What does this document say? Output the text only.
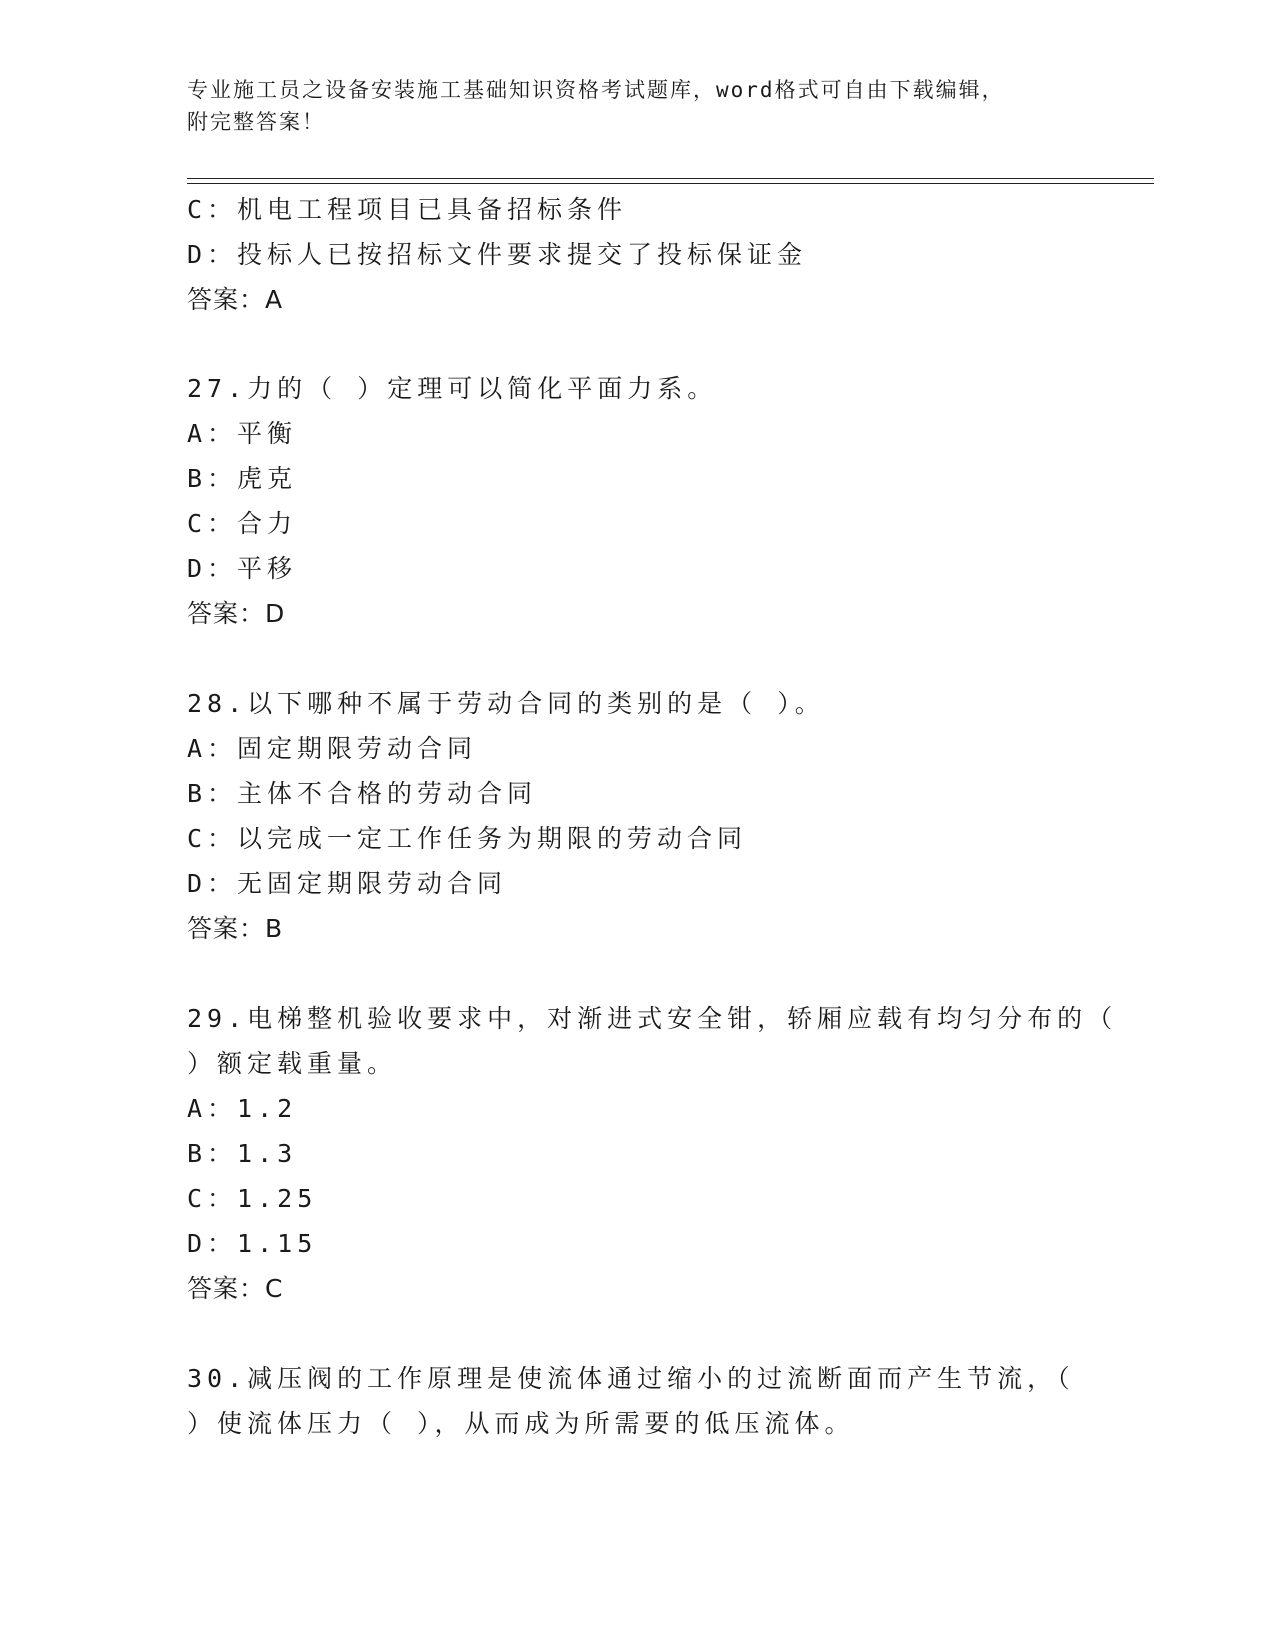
专业施工员之设备安装施工基础知识资格考试题库，word格式可自由下载编辑，
附完整答案！
C：机电工程项目已具备招标条件
D：投标人已按招标文件要求提交了投标保证金
答案：A
27.力的（ ）定理可以简化平面力系。
A：平衡
B：虎克
C：合力
D：平移
答案：D
28.以下哪种不属于劳动合同的类别的是（ ）。
A：固定期限劳动合同
B：主体不合格的劳动合同
C：以完成一定工作任务为期限的劳动合同
D：无固定期限劳动合同
答案：B
29.电梯整机验收要求中，对渐进式安全钳，轿厢应载有均匀分布的（
）额定载重量。
A：1.2
B：1.3
C：1.25
D：1.15
答案：C
30.减压阀的工作原理是使流体通过缩小的过流断面而产生节流，（
）使流体压力（ ），从而成为所需要的低压流体。
